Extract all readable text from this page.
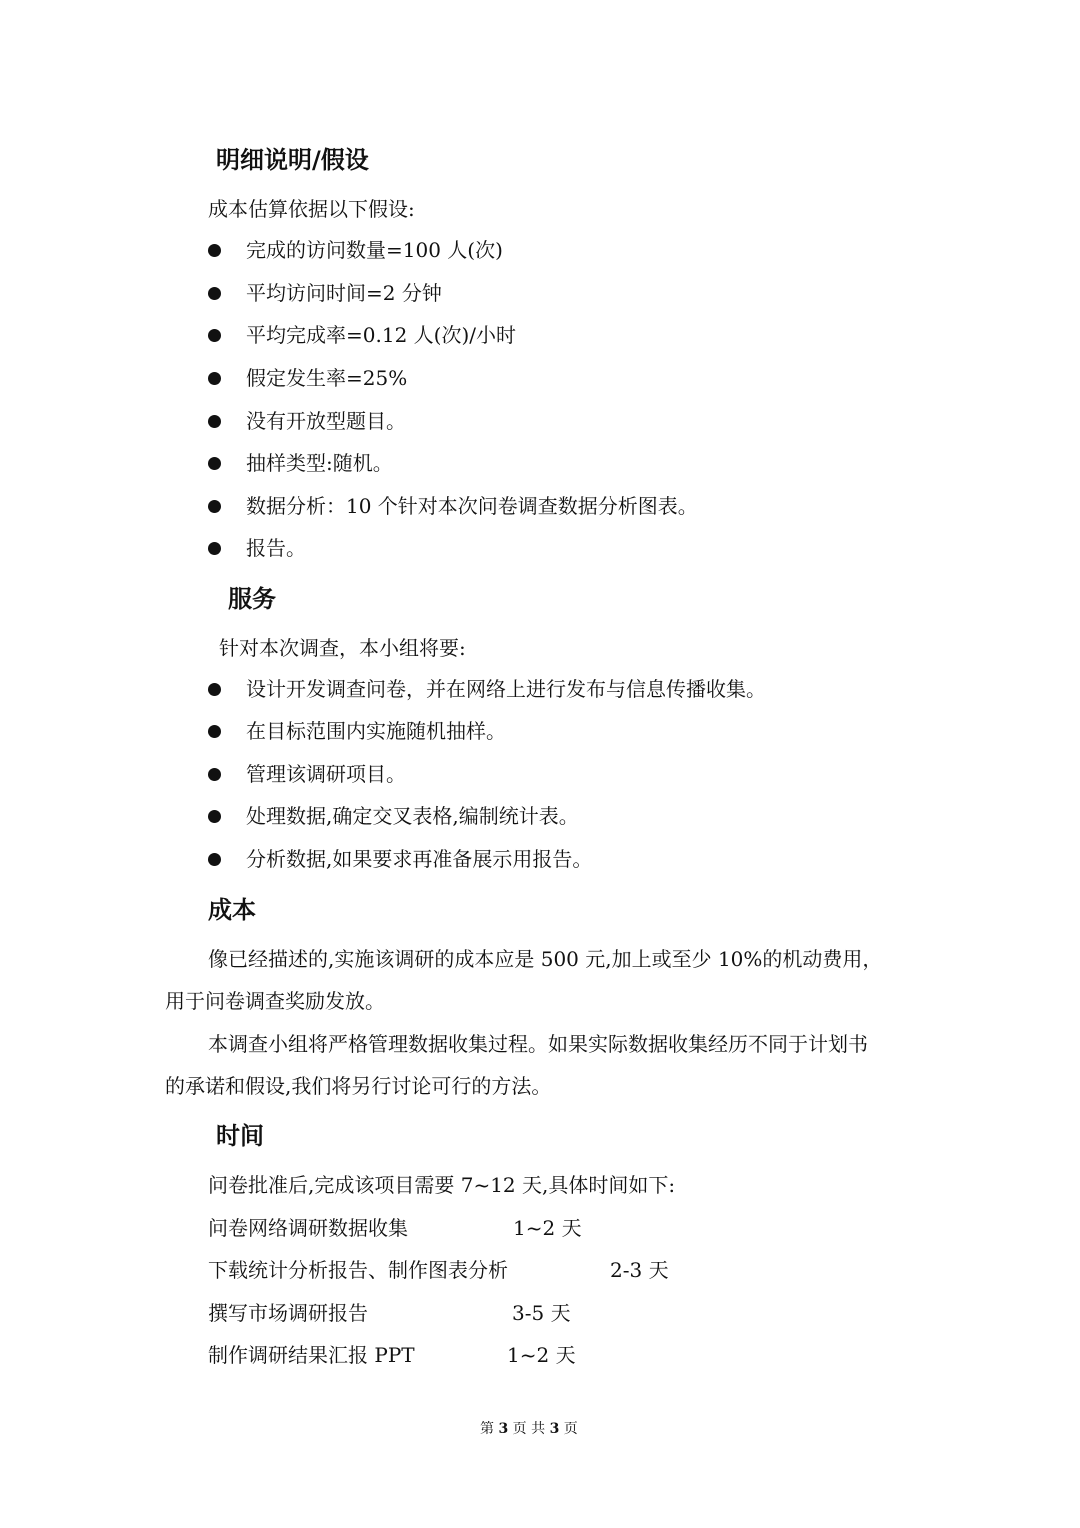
明细说明/假设
成本估算依据以下假设:
完成的访问数量=100 人(次)
平均访问时间=2 分钟
平均完成率=0.12 人(次)/小时
假定发生率=25%
没有开放型题目。
抽样类型:随机。
数据分析：10 个针对本次问卷调查数据分析图表。
报告。
服务
针对本次调查，本小组将要:
设计开发调查问卷，并在网络上进行发布与信息传播收集。
在目标范围内实施随机抽样。
管理该调研项目。
处理数据,确定交叉表格,编制统计表。
分析数据,如果要求再准备展示用报告。
成本
像已经描述的,实施该调研的成本应是 500 元,加上或至少 10%的机动费用，
用于问卷调查奖励发放。
本调查小组将严格管理数据收集过程。如果实际数据收集经历不同于计划书
的承诺和假设,我们将另行讨论可行的方法。
时间
问卷批准后,完成该项目需要 7~12 天,具体时间如下:
问卷网络调研数据收集	1~2 天
下载统计分析报告、制作图表分析	2-3 天
撰写市场调研报告	3-5 天
制作调研结果汇报 PPT	1~2 天
第 3 页 共 3 页
